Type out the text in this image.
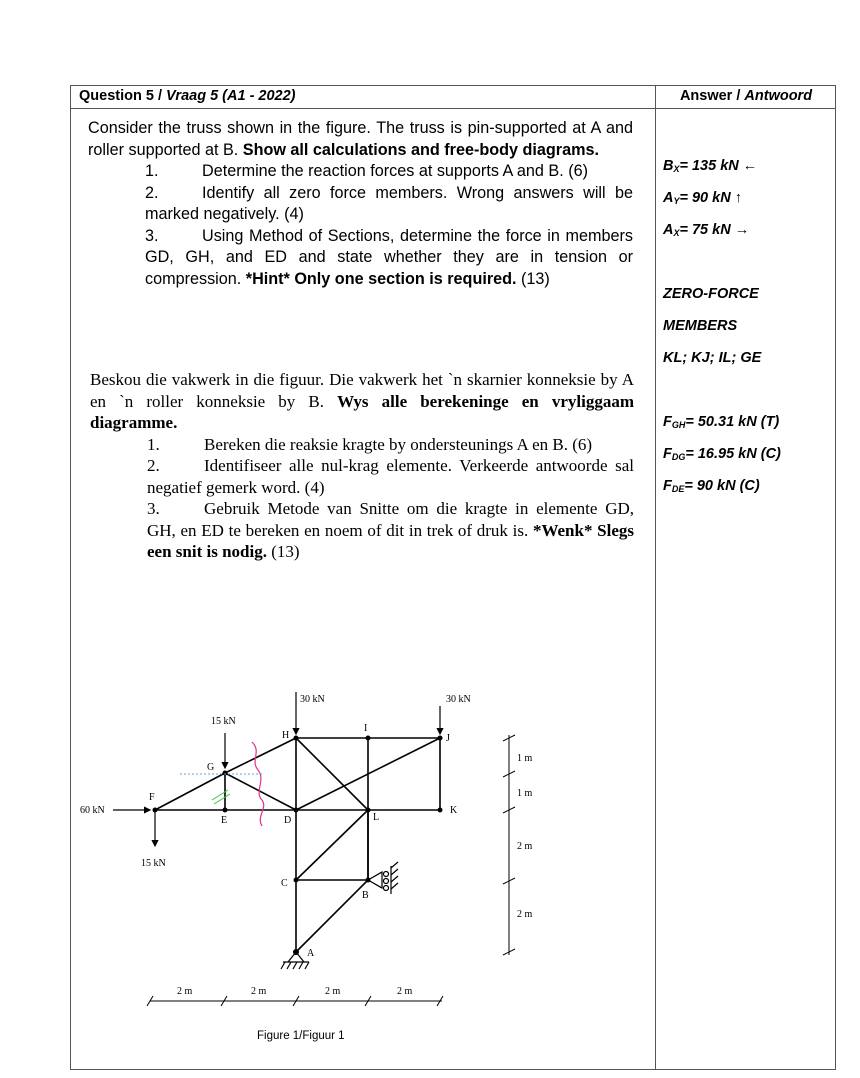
Question 5 / Vraag 5 (A1 - 2022)	Answer / Antwoord

Consider the truss shown in the figure. The truss is pin-supported at A and roller supported at B. Show all calculations and free-body diagrams.

1.	Determine the reaction forces at supports A and B. (6)
2.	Identify all zero force members. Wrong answers will be marked negatively. (4)
3.	Using Method of Sections, determine the force in members GD, GH, and ED and state whether they are in tension or compression. *Hint* Only one section is required. (13)

Beskou die vakwerk in die figuur. Die vakwerk het `n skarnier konneksie by A en `n roller konneksie by B. Wys alle berekeninge en vryliggaam diagramme.

1.	Bereken die reaksie kragte by ondersteunings A en B. (6)
2.	Identifiseer alle nul-krag elemente. Verkeerde antwoorde sal negatief gemerk word. (4)
3.	Gebruik Metode van Snitte om die kragte in elemente GD, GH, en ED te bereken en noem of dit in trek of druk is. *Wenk* Slegs een snit is nodig. (13)
$B_X= 135$ kN ←
$A_Y= 90$ kN ↑
$A_X= 75$ kN →
ZERO-FORCE
MEMBERS
KL; KJ; IL; GE
$F_{GH}= 50.31$ kN (T)
$F_{DG}= 16.95$ kN (C)
$F_{DE}= 90$ kN (C)
30 kN	30 kN
15 kN
60 kN
15 kN
F
G
E	D
H
I
J
K
L
C
B
A
2 m	2 m	2 m	2 m
1 m
1 m
2 m
2 m
Figure 1/Figuur 1
